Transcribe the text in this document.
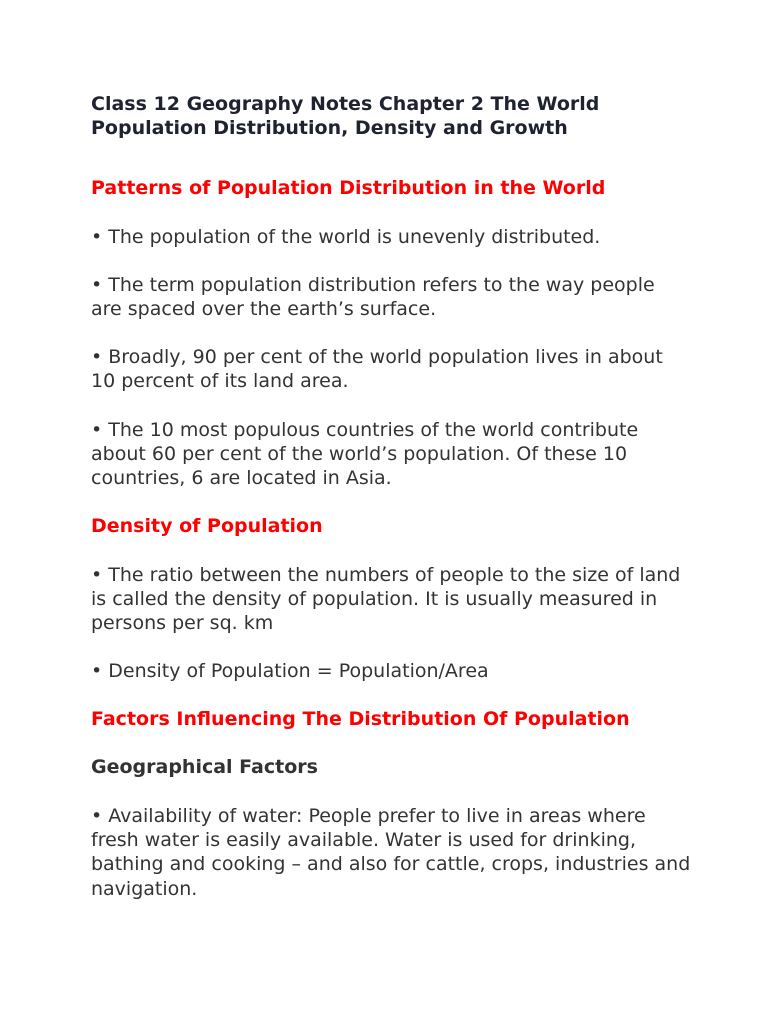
Class 12 Geography Notes Chapter 2 The World Population Distribution, Density and Growth
Patterns of Population Distribution in the World

• The population of the world is unevenly distributed.

• The term population distribution refers to the way people are spaced over the earth’s surface.

• Broadly, 90 per cent of the world population lives in about 10 percent of its land area.

• The 10 most populous countries of the world contribute about 60 per cent of the world’s population. Of these 10 countries, 6 are located in Asia.

Density of Population

• The ratio between the numbers of people to the size of land is called the density of population. It is usually measured in persons per sq. km

• Density of Population = Population/Area

Factors Influencing The Distribution Of Population
Geographical Factors

• Availability of water: People prefer to live in areas where fresh water is easily available. Water is used for drinking, bathing and cooking – and also for cattle, crops, industries and navigation.
